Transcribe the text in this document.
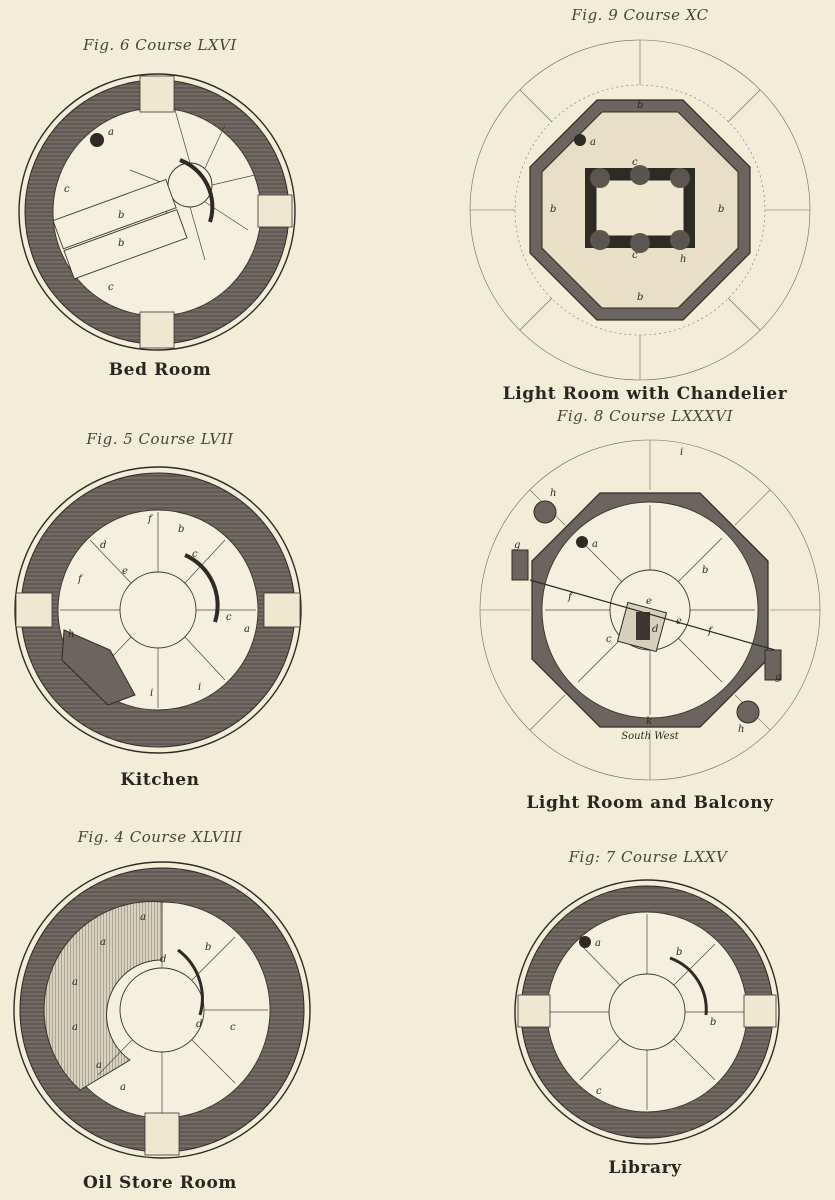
Fig. 6 Course LXVI
a
b
b
c
c
Bed Room
Fig. 9 Course XC
a
b
b	b
b
c
c	h
Light Room with Chandelier
Fig. 5 Course LVII
b
c
c
d
e
f
f
a
h
i
i
Kitchen
Fig. 8 Course LXXXVI
a
b
c
d
e
e
f
f
g
g
h
h
k
i
South West
Light Room and Balcony
Fig. 4 Course XLVIII
a
a
a
a
a
a
b
c
d
d
Oil Store Room
Fig: 7 Course LXXV
a
b
b
c
Library
